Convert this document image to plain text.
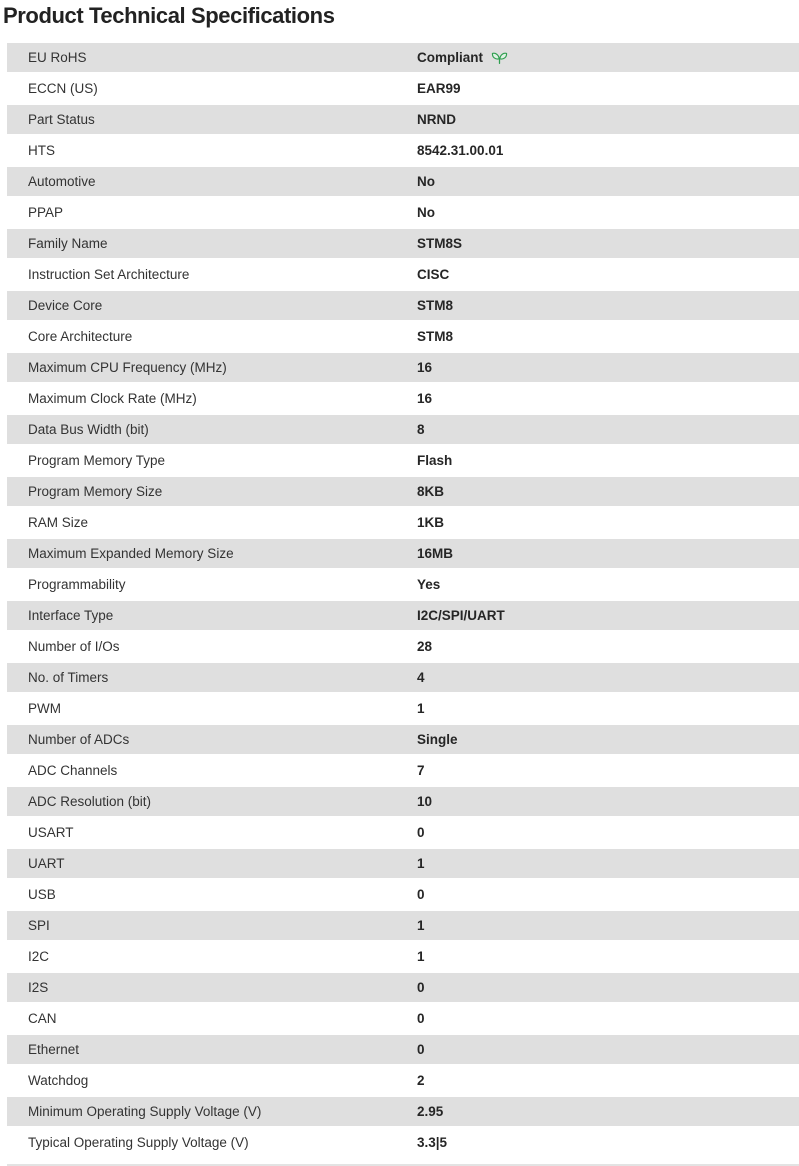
Product Technical Specifications
EU RoHS	Compliant
ECCN (US)	EAR99
Part Status	NRND
HTS	8542.31.00.01
Automotive	No
PPAP	No
Family Name	STM8S
Instruction Set Architecture	CISC
Device Core	STM8
Core Architecture	STM8
Maximum CPU Frequency (MHz)	16
Maximum Clock Rate (MHz)	16
Data Bus Width (bit)	8
Program Memory Type	Flash
Program Memory Size	8KB
RAM Size	1KB
Maximum Expanded Memory Size	16MB
Programmability	Yes
Interface Type	I2C/SPI/UART
Number of I/Os	28
No. of Timers	4
PWM	1
Number of ADCs	Single
ADC Channels	7
ADC Resolution (bit)	10
USART	0
UART	1
USB	0
SPI	1
I2C	1
I2S	0
CAN	0
Ethernet	0
Watchdog	2
Minimum Operating Supply Voltage (V)	2.95
Typical Operating Supply Voltage (V)	3.3|5
